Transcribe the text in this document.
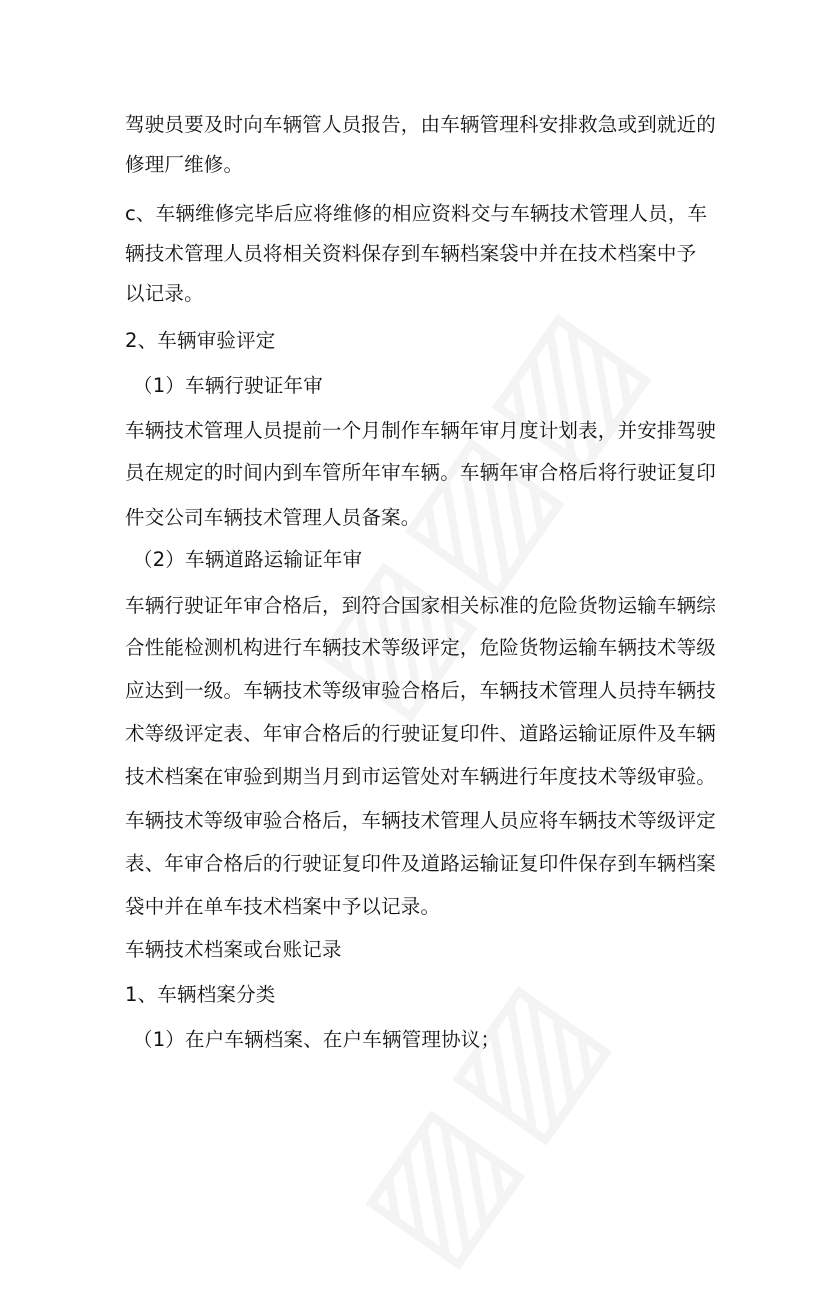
驾驶员要及时向车辆管人员报告，由车辆管理科安排救急或到就近的
修理厂维修。
c、车辆维修完毕后应将维修的相应资料交与车辆技术管理人员，车
辆技术管理人员将相关资料保存到车辆档案袋中并在技术档案中予
以记录。
2、车辆审验评定
（1）车辆行驶证年审
车辆技术管理人员提前一个月制作车辆年审月度计划表，并安排驾驶
员在规定的时间内到车管所年审车辆。车辆年审合格后将行驶证复印
件交公司车辆技术管理人员备案。
（2）车辆道路运输证年审
车辆行驶证年审合格后，到符合国家相关标准的危险货物运输车辆综
合性能检测机构进行车辆技术等级评定，危险货物运输车辆技术等级
应达到一级。车辆技术等级审验合格后，车辆技术管理人员持车辆技
术等级评定表、年审合格后的行驶证复印件、道路运输证原件及车辆
技术档案在审验到期当月到市运管处对车辆进行年度技术等级审验。
车辆技术等级审验合格后，车辆技术管理人员应将车辆技术等级评定
表、年审合格后的行驶证复印件及道路运输证复印件保存到车辆档案
袋中并在单车技术档案中予以记录。
车辆技术档案或台账记录
1、车辆档案分类
（1）在户车辆档案、在户车辆管理协议；
